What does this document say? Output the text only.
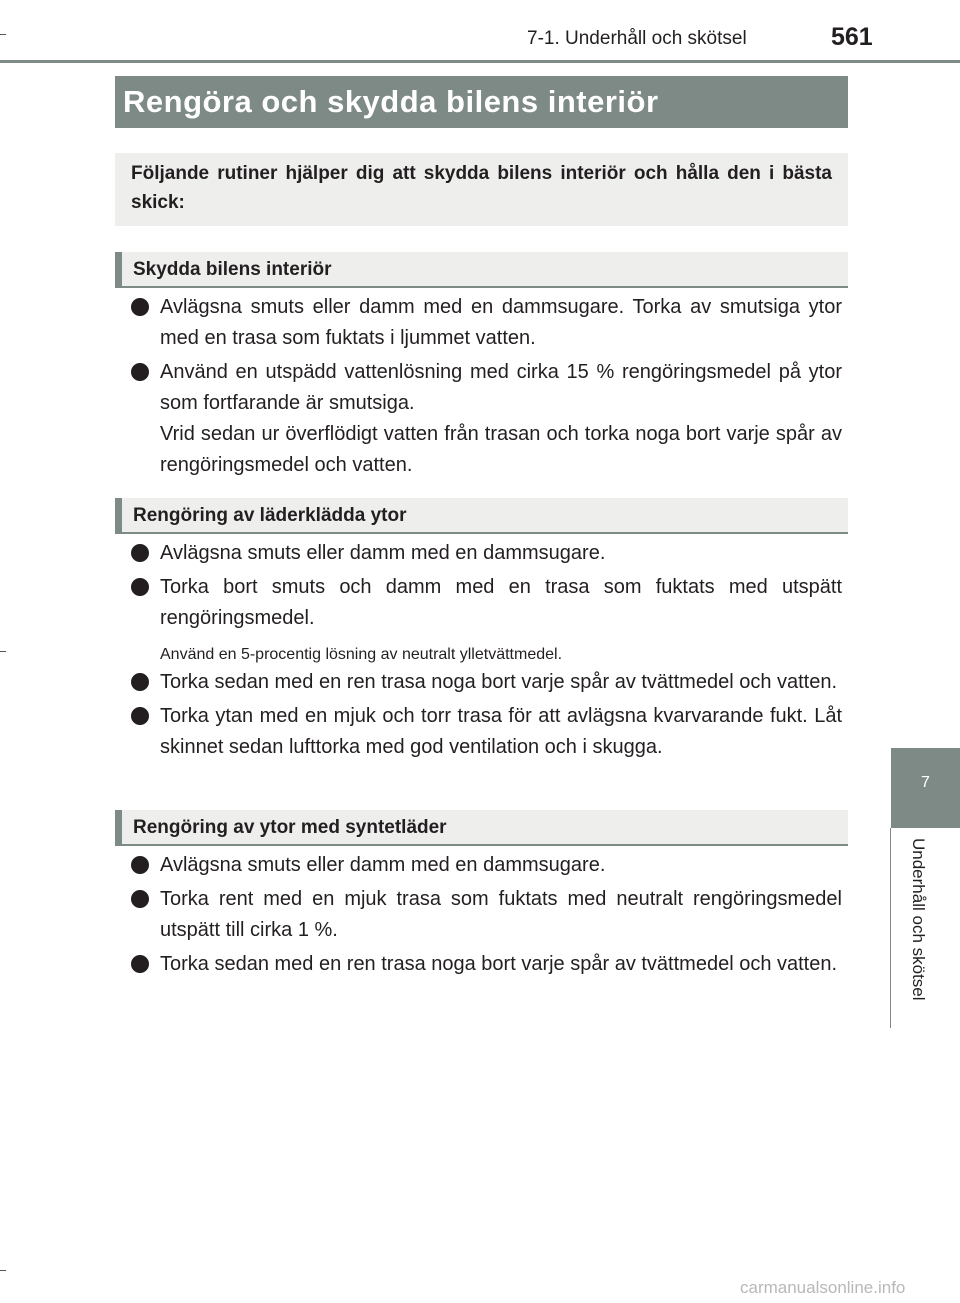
7-1. Underhåll och skötsel	561
Rengöra och skydda bilens interiör
Följande rutiner hjälper dig att skydda bilens interiör och hålla den i bästa skick:
Skydda bilens interiör

Avlägsna smuts eller damm med en dammsugare. Torka av smutsiga ytor med en trasa som fuktats i ljummet vatten.

Använd en utspädd vattenlösning med cirka 15 % rengöringsmedel på ytor som fortfarande är smutsiga.

Vrid sedan ur överflödigt vatten från trasan och torka noga bort varje spår av rengöringsmedel och vatten.

Rengöring av läderklädda ytor

Avlägsna smuts eller damm med en dammsugare.

Torka bort smuts och damm med en trasa som fuktats med utspätt rengöringsmedel.

Använd en 5-procentig lösning av neutralt ylletvättmedel.

Torka sedan med en ren trasa noga bort varje spår av tvättmedel och vatten.

Torka ytan med en mjuk och torr trasa för att avlägsna kvarvarande fukt. Låt skinnet sedan lufttorka med god ventilation och i skugga.

Rengöring av ytor med syntetläder

Avlägsna smuts eller damm med en dammsugare.

Torka rent med en mjuk trasa som fuktats med neutralt rengöringsmedel utspätt till cirka 1 %.

Torka sedan med en ren trasa noga bort varje spår av tvättmedel och vatten.

7
Underhåll och skötsel
carmanualsonline.info
